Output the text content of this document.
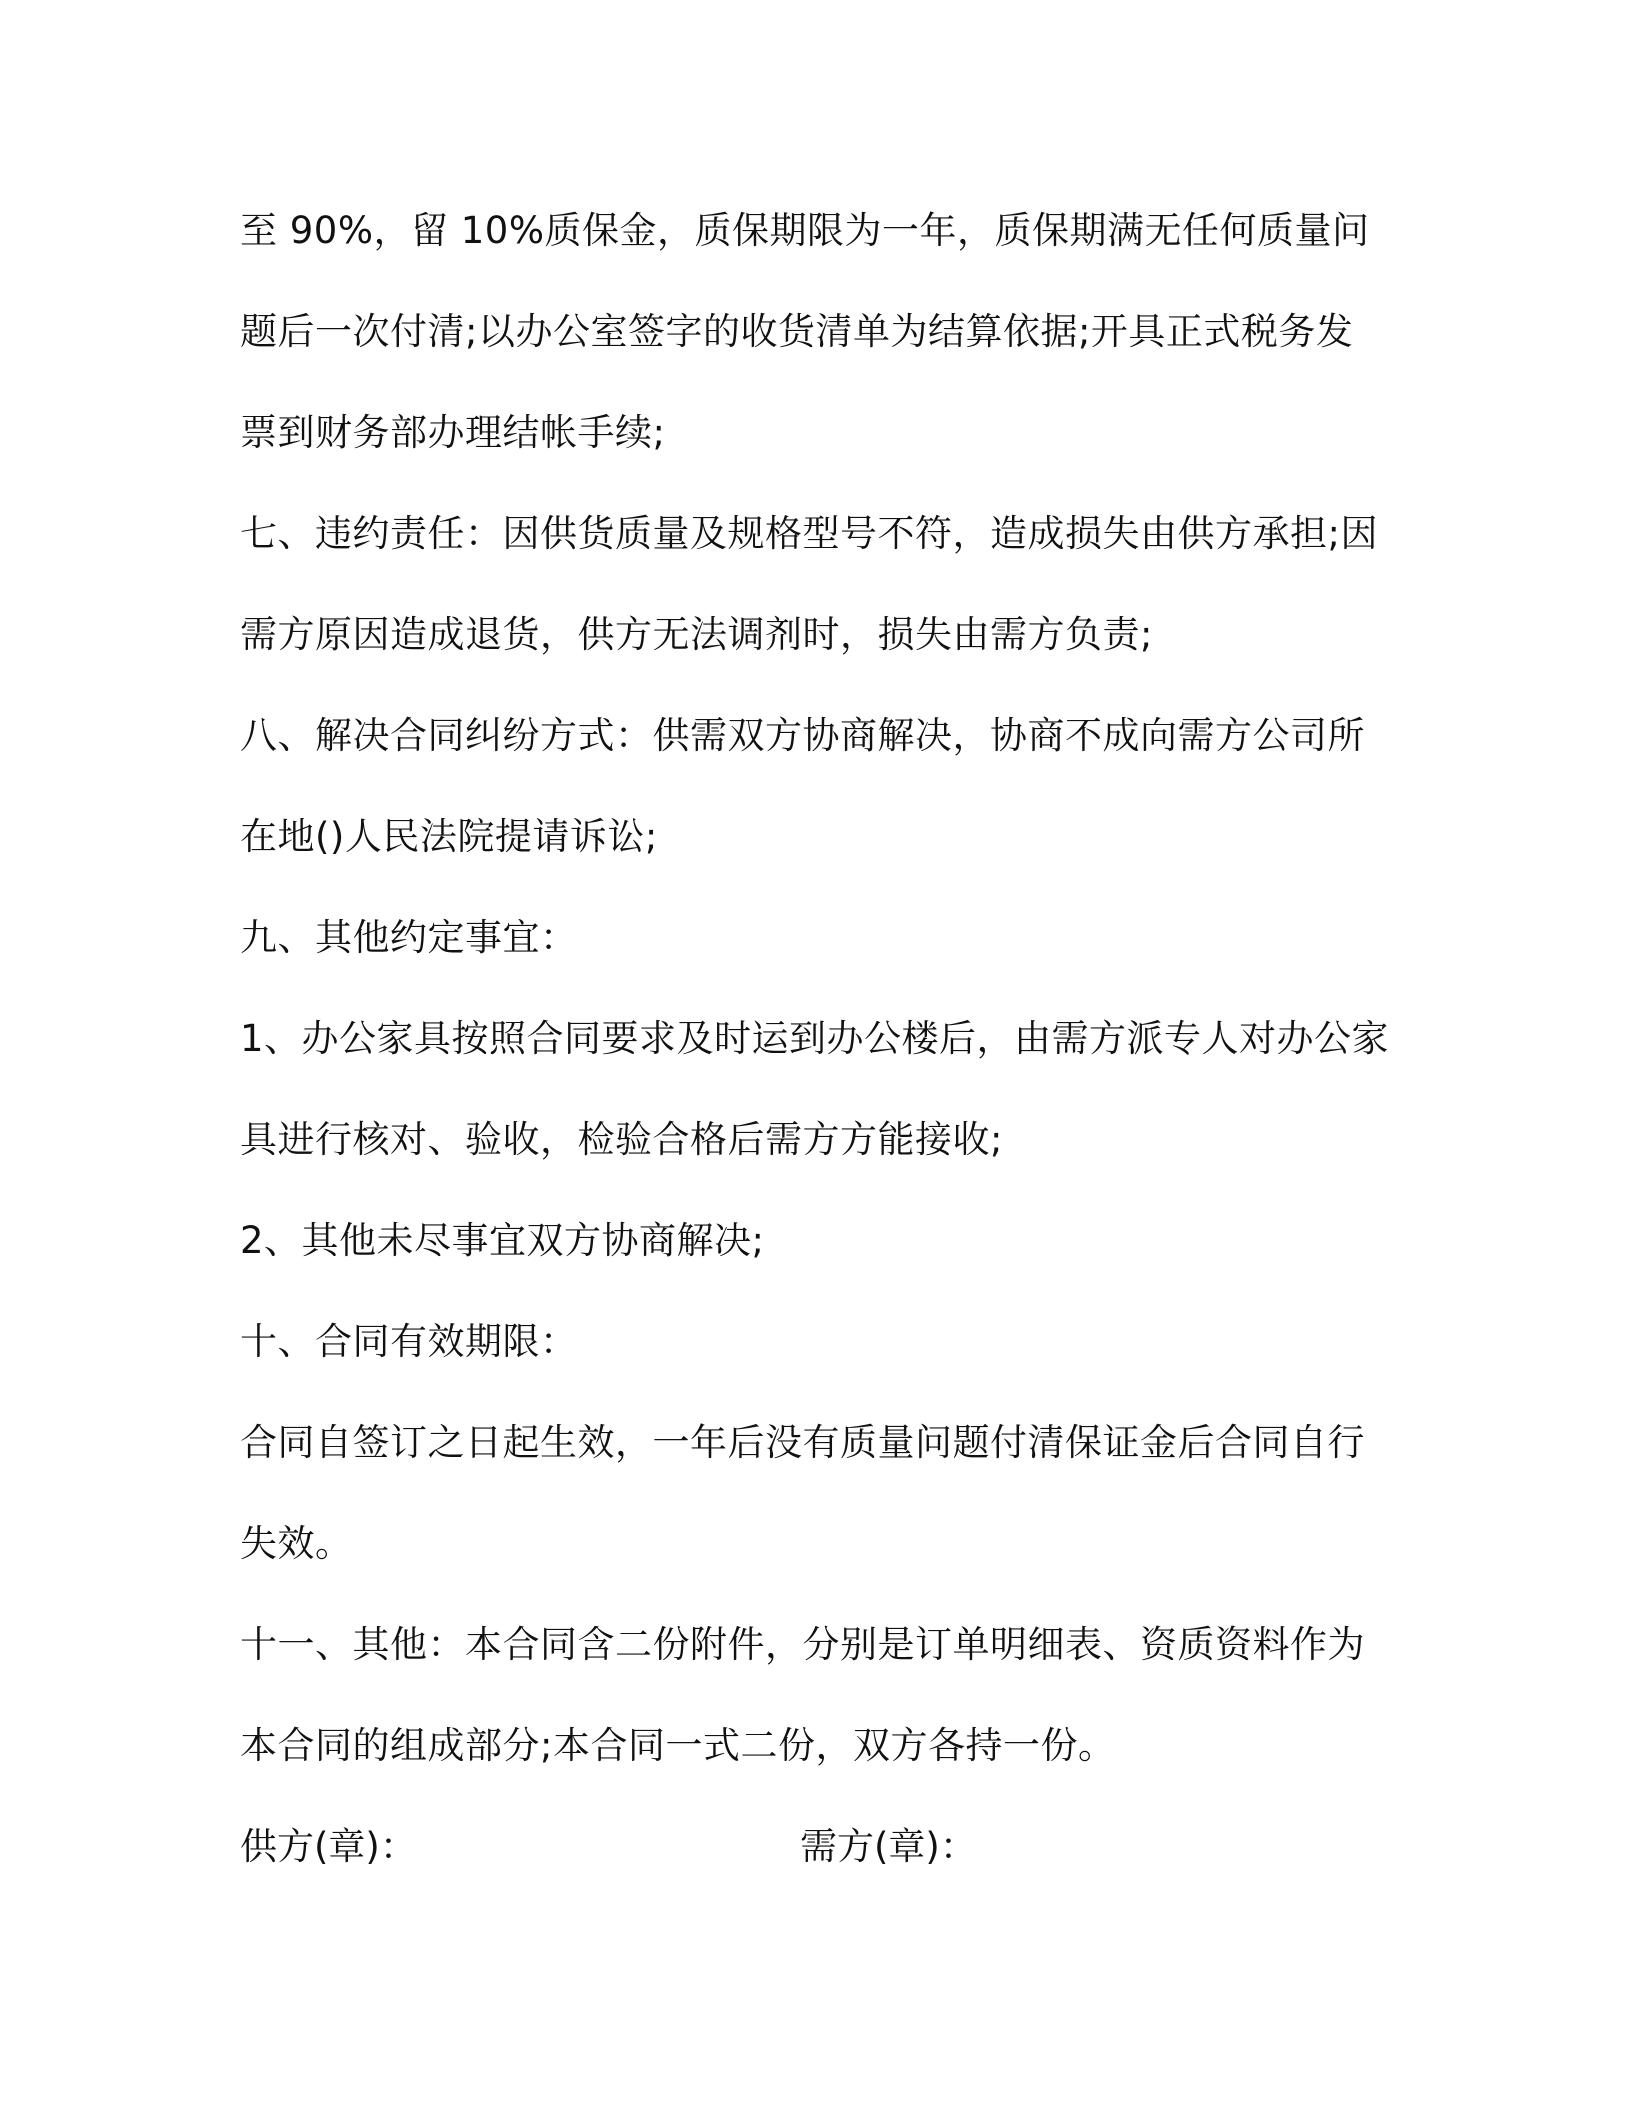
至 90%，留 10%质保金，质保期限为一年，质保期满无任何质量问题后一次付清;以办公室签字的收货清单为结算依据;开具正式税务发票到财务部办理结帐手续;

七、违约责任：因供货质量及规格型号不符，造成损失由供方承担;因需方原因造成退货，供方无法调剂时，损失由需方负责;

八、解决合同纠纷方式：供需双方协商解决，协商不成向需方公司所在地()人民法院提请诉讼;

九、其他约定事宜：

1、办公家具按照合同要求及时运到办公楼后，由需方派专人对办公家具进行核对、验收，检验合格后需方方能接收;

2、其他未尽事宜双方协商解决;

十、合同有效期限：

合同自签订之日起生效，一年后没有质量问题付清保证金后合同自行失效。

十一、其他：本合同含二份附件，分别是订单明细表、资质资料作为本合同的组成部分;本合同一式二份，双方各持一份。

供方(章)：	需方(章)：
